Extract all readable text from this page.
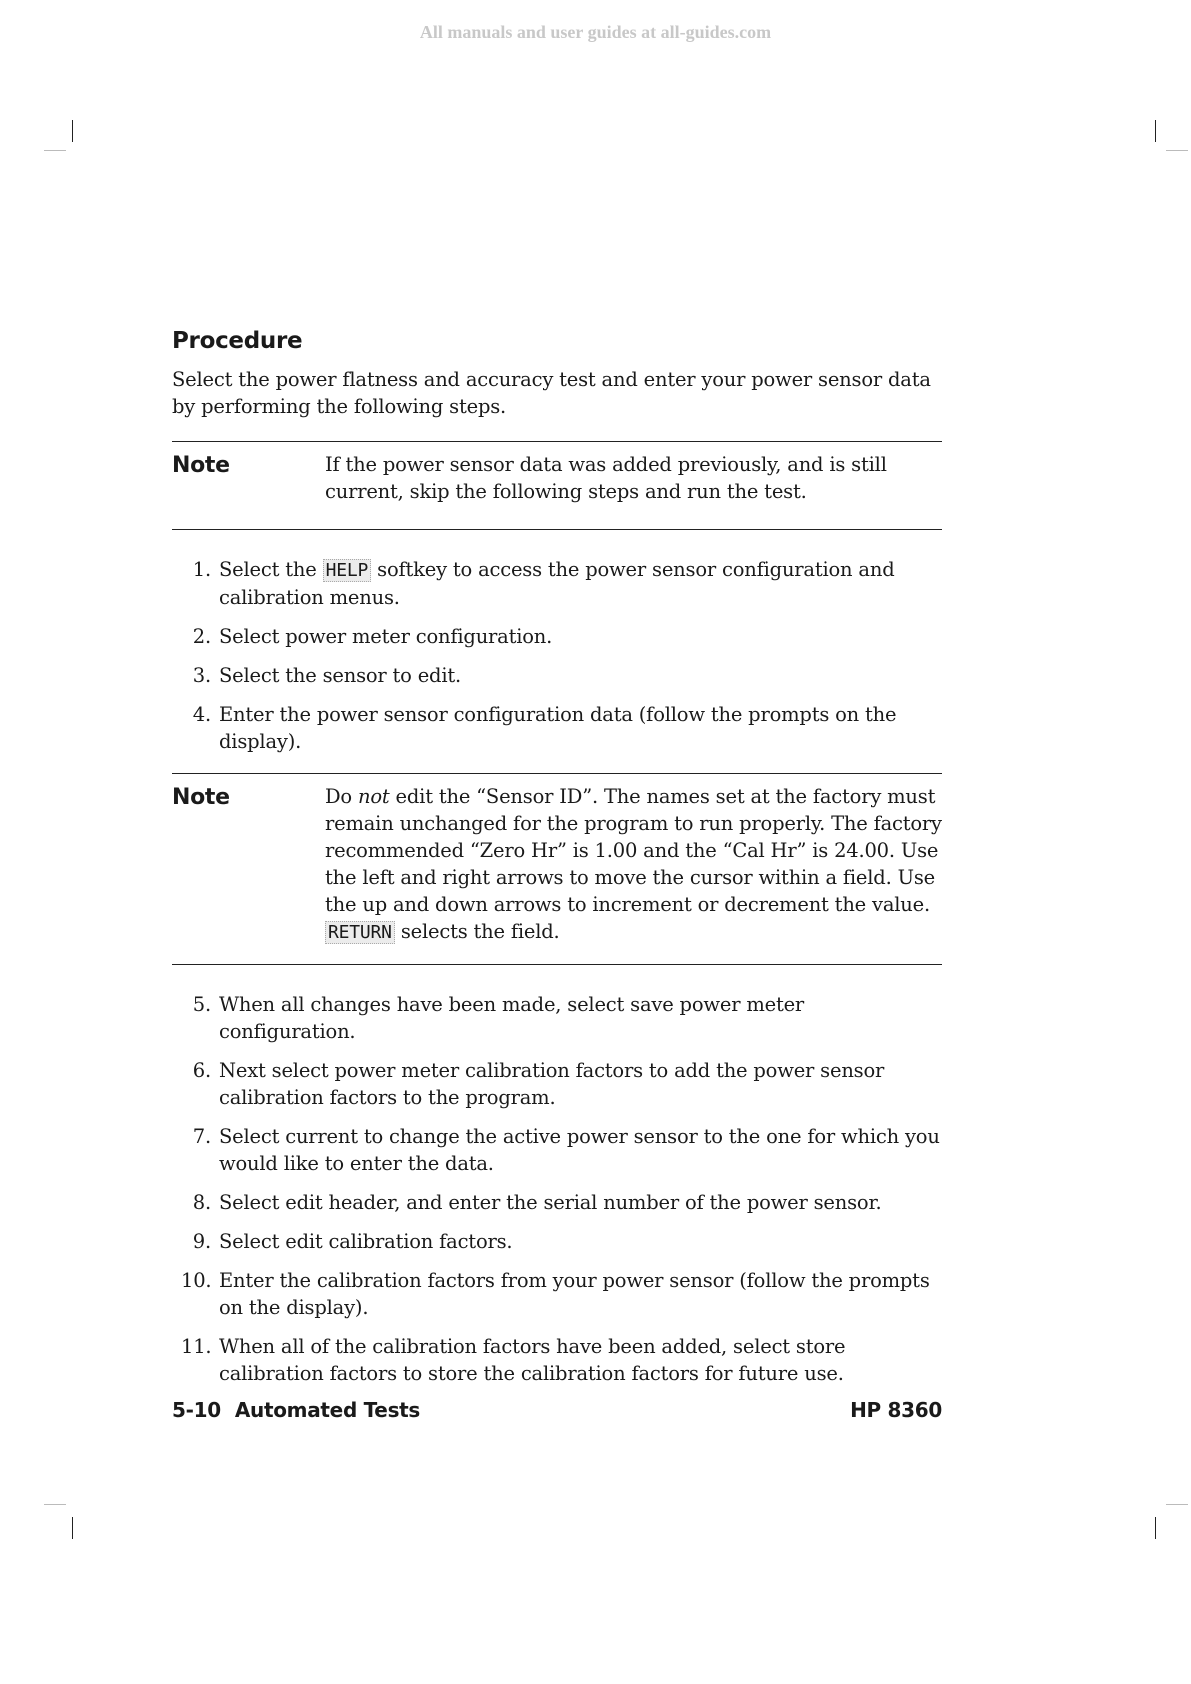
All manuals and user guides at all-guides.com
Procedure

Select the power flatness and accuracy test and enter your power sensor data by performing the following steps.

Note	If the power sensor data was added previously, and is still current, skip the following steps and run the test.
1. Select the HELP softkey to access the power sensor configuration and calibration menus.
2. Select power meter configuration.
3. Select the sensor to edit.
4. Enter the power sensor configuration data (follow the prompts on the display).
Note	Do not edit the “Sensor ID”. The names set at the factory must remain unchanged for the program to run properly. The factory recommended “Zero Hr” is 1.00 and the “Cal Hr” is 24.00. Use the left and right arrows to move the cursor within a field. Use the up and down arrows to increment or decrement the value. RETURN selects the field.
5. When all changes have been made, select save power meter configuration.
6. Next select power meter calibration factors to add the power sensor calibration factors to the program.
7. Select current to change the active power sensor to the one for which you would like to enter the data.
8. Select edit header, and enter the serial number of the power sensor.
9. Select edit calibration factors.
10. Enter the calibration factors from your power sensor (follow the prompts on the display).
11. When all of the calibration factors have been added, select store calibration factors to store the calibration factors for future use.
5-10 Automated Tests	HP 8360
